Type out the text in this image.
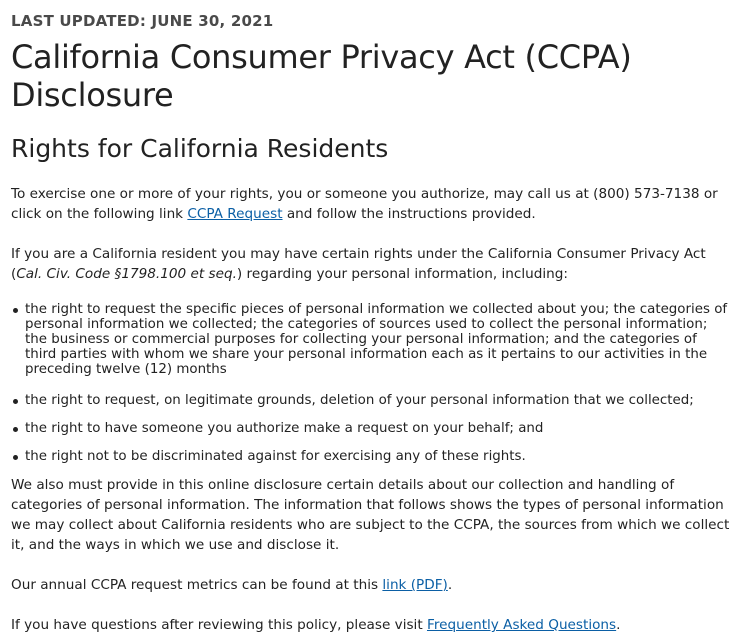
LAST UPDATED: JUNE 30, 2021

California Consumer Privacy Act (CCPA) Disclosure
Rights for California Residents

To exercise one or more of your rights, you or someone you authorize, may call us at (800) 573-7138 or click on the following link CCPA Request and follow the instructions provided.

If you are a California resident you may have certain rights under the California Consumer Privacy Act (Cal. Civ. Code §1798.100 et seq.) regarding your personal information, including:

the right to request the specific pieces of personal information we collected about you; the categories of personal information we collected; the categories of sources used to collect the personal information; the business or commercial purposes for collecting your personal information; and the categories of third parties with whom we share your personal information each as it pertains to our activities in the preceding twelve (12) months
the right to request, on legitimate grounds, deletion of your personal information that we collected;
the right to have someone you authorize make a request on your behalf; and
the right not to be discriminated against for exercising any of these rights.

We also must provide in this online disclosure certain details about our collection and handling of categories of personal information. The information that follows shows the types of personal information we may collect about California residents who are subject to the CCPA, the sources from which we collect it, and the ways in which we use and disclose it.

Our annual CCPA request metrics can be found at this link (PDF).

If you have questions after reviewing this policy, please visit Frequently Asked Questions.
